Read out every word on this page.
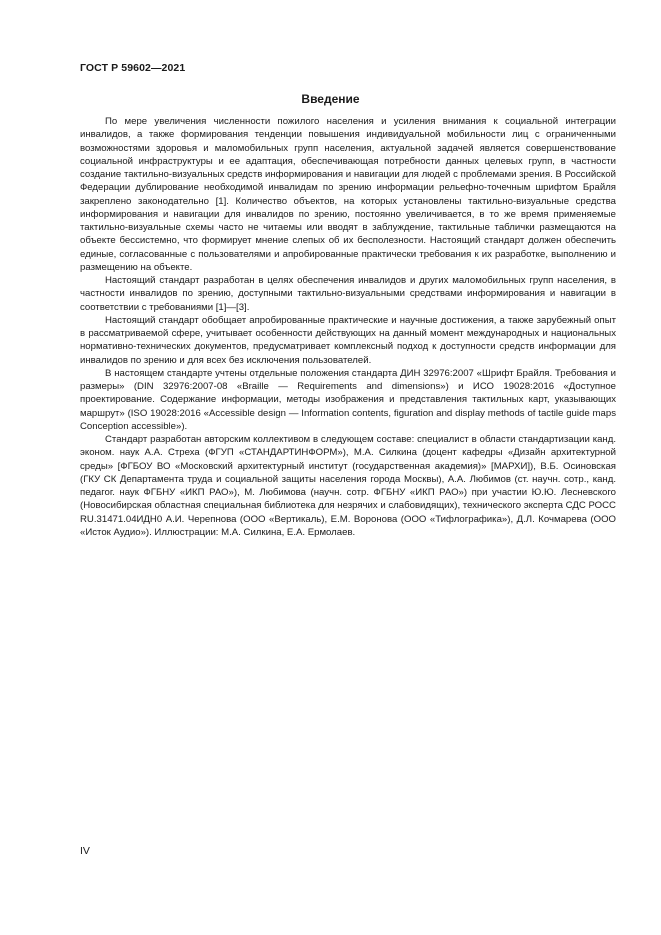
ГОСТ Р 59602—2021
Введение

По мере увеличения численности пожилого населения и усиления внимания к социальной интеграции инвалидов, а также формирования тенденции повышения индивидуальной мобильности лиц с ограниченными возможностями здоровья и маломобильных групп населения, актуальной задачей является совершенствование социальной инфраструктуры и ее адаптация, обеспечивающая потребности данных целевых групп, в частности создание тактильно-визуальных средств информирования и навигации для людей с проблемами зрения. В Российской Федерации дублирование необходимой инвалидам по зрению информации рельефно-точечным шрифтом Брайля закреплено законодательно [1]. Количество объектов, на которых установлены тактильно-визуальные средства информирования и навигации для инвалидов по зрению, постоянно увеличивается, в то же время применяемые тактильно-визуальные схемы часто не читаемы или вводят в заблуждение, тактильные таблички размещаются на объекте бессистемно, что формирует мнение слепых об их бесполезности. Настоящий стандарт должен обеспечить единые, согласованные с пользователями и апробированные практически требования к их разработке, выполнению и размещению на объекте.

Настоящий стандарт разработан в целях обеспечения инвалидов и других маломобильных групп населения, в частности инвалидов по зрению, доступными тактильно-визуальными средствами информирования и навигации в соответствии с требованиями [1]—[3].

Настоящий стандарт обобщает апробированные практические и научные достижения, а также зарубежный опыт в рассматриваемой сфере, учитывает особенности действующих на данный момент международных и национальных нормативно-технических документов, предусматривает комплексный подход к доступности средств информации для инвалидов по зрению и для всех без исключения пользователей.

В настоящем стандарте учтены отдельные положения стандарта ДИН 32976:2007 «Шрифт Брайля. Требования и размеры» (DIN 32976:2007-08 «Braille — Requirements and dimensions») и ИСО 19028:2016 «Доступное проектирование. Содержание информации, методы изображения и представления тактильных карт, указывающих маршрут» (ISO 19028:2016 «Accessible design — Information contents, figuration and display methods of tactile guide maps Conception accessible»).

Стандарт разработан авторским коллективом в следующем составе: специалист в области стандартизации канд. эконом. наук А.А. Стреха (ФГУП «СТАНДАРТИНФОРМ»), М.А. Силкина (доцент кафедры «Дизайн архитектурной среды» [ФГБОУ ВО «Московский архитектурный институт (государственная академия)» [МАРХИ]), В.Б. Осиновская (ГКУ СК Департамента труда и социальной защиты населения города Москвы), А.А. Любимов (ст. научн. сотр., канд. педагог. наук ФГБНУ «ИКП РАО»), М. Любимова (научн. сотр. ФГБНУ «ИКП РАО») при участии Ю.Ю. Лесневского (Новосибирская областная специальная библиотека для незрячих и слабовидящих), технического эксперта СДС РОСС RU.31471.04ИДН0 А.И. Черепнова (ООО «Вертикаль), Е.М. Воронова (ООО «Тифлографика»), Д.Л. Кочмарева (ООО «Исток Аудио»). Иллюстрации: М.А. Силкина, Е.А. Ермолаев.

IV
